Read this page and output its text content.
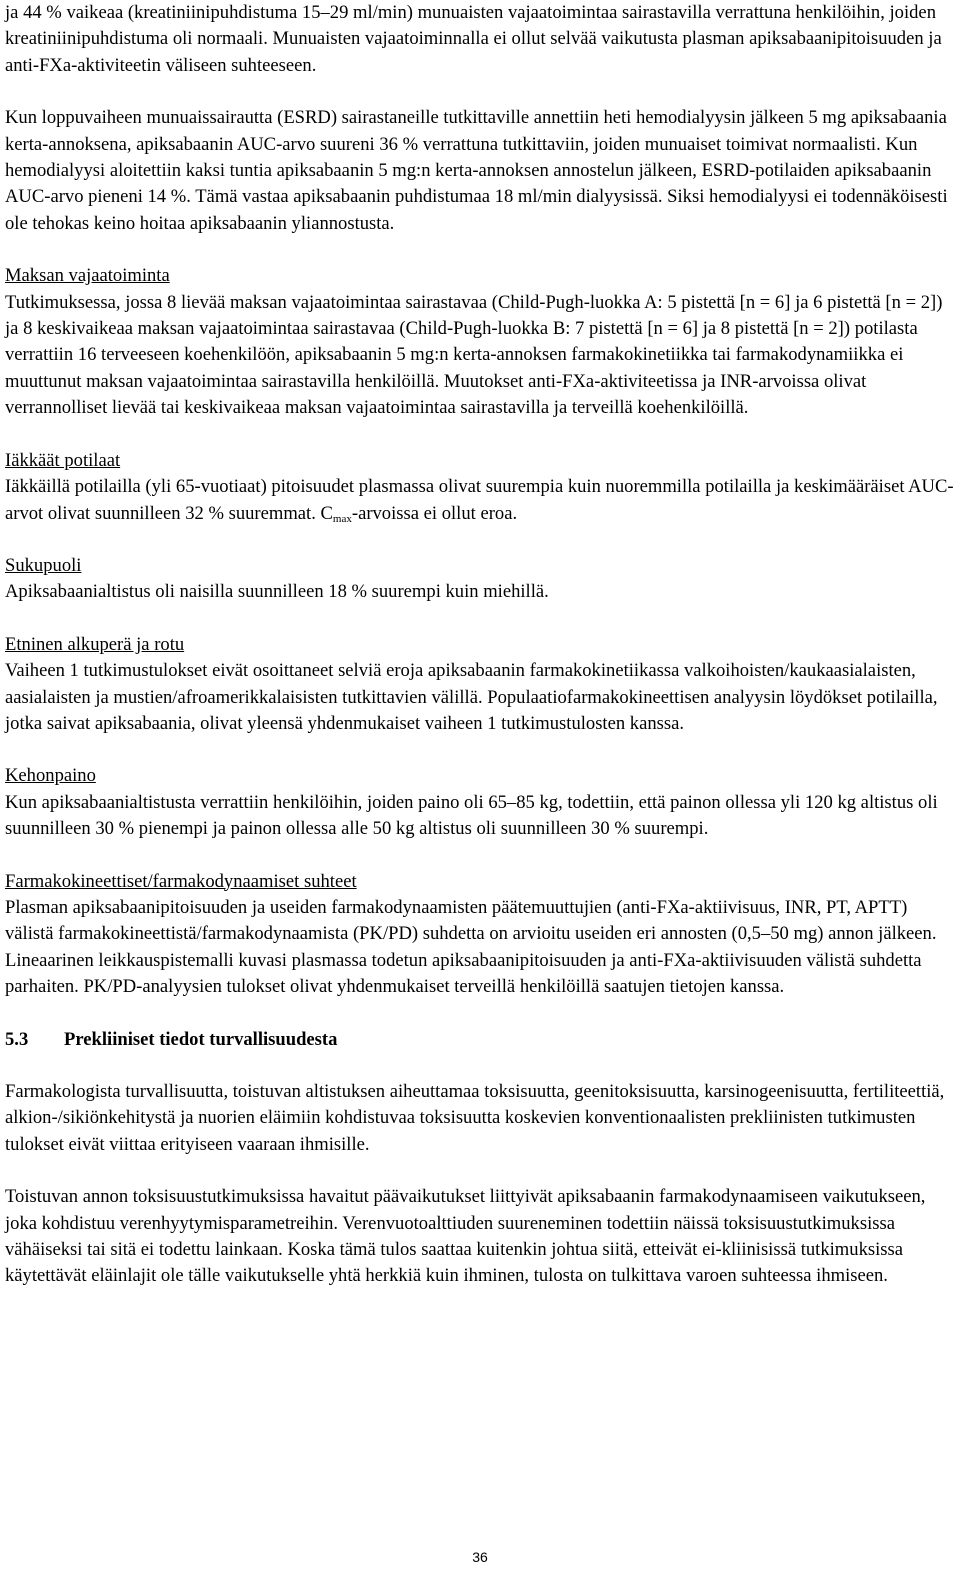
ja 44 % vaikeaa (kreatiniinipuhdistuma 15–29 ml/min) munuaisten vajaatoimintaa sairastavilla verrattuna henkilöihin, joiden kreatiniinipuhdistuma oli normaali. Munuaisten vajaatoiminnalla ei ollut selvää vaikutusta plasman apiksabaanipitoisuuden ja anti-FXa-aktiviteetin väliseen suhteeseen.

Kun loppuvaiheen munuaissairautta (ESRD) sairastaneille tutkittaville annettiin heti hemodialyysin jälkeen 5 mg apiksabaania kerta-annoksena, apiksabaanin AUC-arvo suureni 36 % verrattuna tutkittaviin, joiden munuaiset toimivat normaalisti. Kun hemodialyysi aloitettiin kaksi tuntia apiksabaanin 5 mg:n kerta-annoksen annostelun jälkeen, ESRD-potilaiden apiksabaanin AUC-arvo pieneni 14 %. Tämä vastaa apiksabaanin puhdistumaa 18 ml/min dialyysissä. Siksi hemodialyysi ei todennäköisesti ole tehokas keino hoitaa apiksabaanin yliannostusta.

Maksan vajaatoiminta

Tutkimuksessa, jossa 8 lievää maksan vajaatoimintaa sairastavaa (Child-Pugh-luokka A: 5 pistettä [n = 6] ja 6 pistettä [n = 2]) ja 8 keskivaikeaa maksan vajaatoimintaa sairastavaa (Child-Pugh-luokka B: 7 pistettä [n = 6] ja 8 pistettä [n = 2]) potilasta verrattiin 16 terveeseen koehenkilöön, apiksabaanin 5 mg:n kerta-annoksen farmakokinetiikka tai farmakodynamiikka ei muuttunut maksan vajaatoimintaa sairastavilla henkilöillä. Muutokset anti-FXa-aktiviteetissa ja INR-arvoissa olivat verrannolliset lievää tai keskivaikeaa maksan vajaatoimintaa sairastavilla ja terveillä koehenkilöillä.

Iäkkäät potilaat

Iäkkäillä potilailla (yli 65-vuotiaat) pitoisuudet plasmassa olivat suurempia kuin nuoremmilla potilailla ja keskimääräiset AUC-arvot olivat suunnilleen 32 % suuremmat. $C_{max}$-arvoissa ei ollut eroa.

Sukupuoli

Apiksabaanialtistus oli naisilla suunnilleen 18 % suurempi kuin miehillä.

Etninen alkuperä ja rotu

Vaiheen 1 tutkimustulokset eivät osoittaneet selviä eroja apiksabaanin farmakokinetiikassa valkoihoisten/kaukaasialaisten, aasialaisten ja mustien/afroamerikkalaisisten tutkittavien välillä. Populaatiofarmakokineettisen analyysin löydökset potilailla, jotka saivat apiksabaania, olivat yleensä yhdenmukaiset vaiheen 1 tutkimustulosten kanssa.

Kehonpaino

Kun apiksabaanialtistusta verrattiin henkilöihin, joiden paino oli 65–85 kg, todettiin, että painon ollessa yli 120 kg altistus oli suunnilleen 30 % pienempi ja painon ollessa alle 50 kg altistus oli suunnilleen 30 % suurempi.

Farmakokineettiset/farmakodynaamiset suhteet

Plasman apiksabaanipitoisuuden ja useiden farmakodynaamisten päätemuuttujien (anti-FXa-aktiivisuus, INR, PT, APTT) välistä farmakokineettistä/farmakodynaamista (PK/PD) suhdetta on arvioitu useiden eri annosten (0,5–50 mg) annon jälkeen. Lineaarinen leikkauspistemalli kuvasi plasmassa todetun apiksabaanipitoisuuden ja anti-FXa-aktiivisuuden välistä suhdetta parhaiten. PK/PD-analyysien tulokset olivat yhdenmukaiset terveillä henkilöillä saatujen tietojen kanssa.

5.3 Prekliiniset tiedot turvallisuudesta

Farmakologista turvallisuutta, toistuvan altistuksen aiheuttamaa toksisuutta, geenitoksisuutta, karsinogeenisuutta, fertiliteettiä, alkion-/sikiönkehitystä ja nuorien eläimiin kohdistuvaa toksisuutta koskevien konventionaalisten prekliinisten tutkimusten tulokset eivät viittaa erityiseen vaaraan ihmisille.

Toistuvan annon toksisuustutkimuksissa havaitut päävaikutukset liittyivät apiksabaanin farmakodynaamiseen vaikutukseen, joka kohdistuu verenhyytymisparametreihin. Verenvuotoalttiuden suureneminen todettiin näissä toksisuustutkimuksissa vähäiseksi tai sitä ei todettu lainkaan. Koska tämä tulos saattaa kuitenkin johtua siitä, etteivät ei-kliinisissä tutkimuksissa käytettävät eläinlajit ole tälle vaikutukselle yhtä herkkiä kuin ihminen, tulosta on tulkittava varoen suhteessa ihmiseen.

36
